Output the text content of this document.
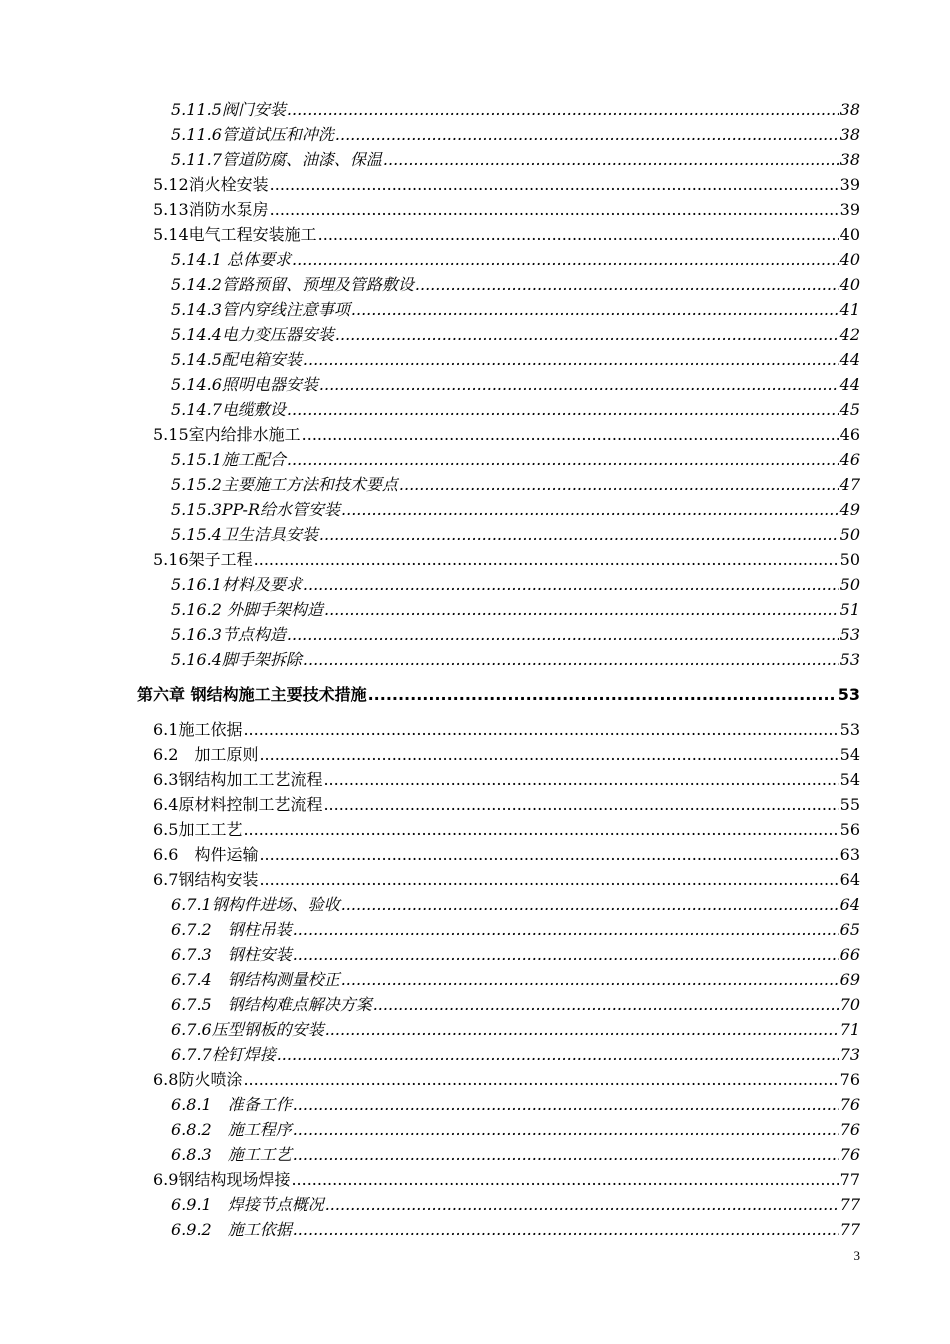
5.11.5阀门安装 .....	38
5.11.6管道试压和冲洗 .....	38
5.11.7管道防腐、油漆、保温 .....	38
5.12消火栓安装 .....	39
5.13消防水泵房 .....	39
5.14电气工程安装施工 .....	40
5.14.1 总体要求 .....	40
5.14.2管路预留、预埋及管路敷设 .....	40
5.14.3管内穿线注意事项 .....	41
5.14.4电力变压器安装 .....	42
5.14.5配电箱安装 .....	44
5.14.6照明电器安装 .....	44
5.14.7电缆敷设 .....	45
5.15室内给排水施工 .....	46
5.15.1施工配合 .....	46
5.15.2主要施工方法和技术要点 .....	47
5.15.3PP-R给水管安装 .....	49
5.15.4卫生洁具安装 .....	50
5.16架子工程 .....	50
5.16.1材料及要求 .....	50
5.16.2 外脚手架构造 .....	51
5.16.3节点构造 .....	53
5.16.4脚手架拆除 .....	53
第六章 钢结构施工主要技术措施 .....	53
6.1施工依据 .....	53
6.2　加工原则 .....	54
6.3钢结构加工工艺流程 .....	54
6.4原材料控制工艺流程 .....	55
6.5加工工艺 .....	56
6.6　构件运输 .....	63
6.7钢结构安装 .....	64
6.7.1钢构件进场、验收 .....	64
6.7.2　钢柱吊装 .....	65
6.7.3　钢柱安装 .....	66
6.7.4　钢结构测量校正 .....	69
6.7.5　钢结构难点解决方案 .....	70
6.7.6压型钢板的安装 .....	71
6.7.7栓钉焊接 .....	73
6.8防火喷涂 .....	76
6.8.1　准备工作 .....	76
6.8.2　施工程序 .....	76
6.8.3　施工工艺 .....	76
6.9钢结构现场焊接 .....	77
6.9.1　焊接节点概况 .....	77
6.9.2　施工依据 .....	77
3
